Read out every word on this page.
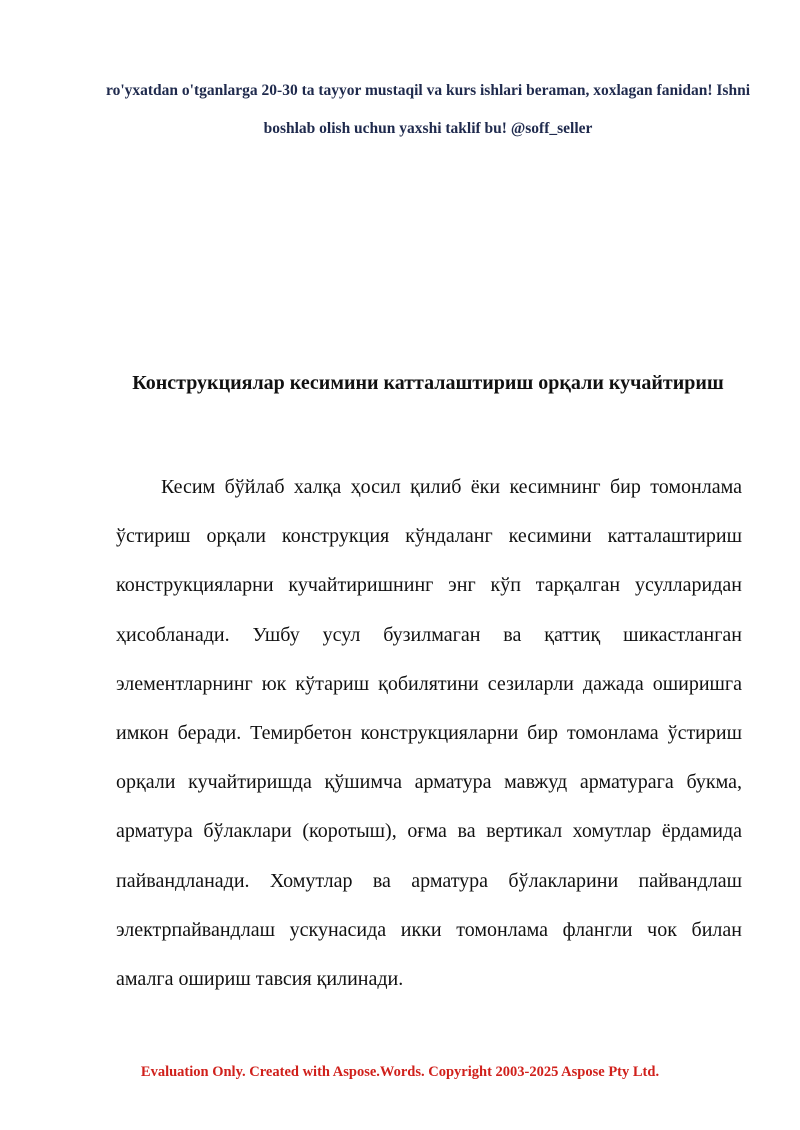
ro'yxatdan o'tganlarga 20-30 ta tayyor mustaqil va kurs ishlari beraman, xoxlagan fanidan! Ishni boshlab olish uchun yaxshi taklif bu! @soff_seller
Конструкциялар кесимини катталаштириш орқали кучайтириш

Кесим бўйлаб халқа ҳосил қилиб ёки кесимнинг бир томонлама ўстириш орқали конструкция кўндаланг кесимини катталаштириш конструкцияларни кучайтиришнинг энг кўп тарқалган усулларидан ҳисобланади. Ушбу усул бузилмаган ва қаттиқ шикастланган элементларнинг юк кўтариш қобилятини сезиларли дажада оширишга имкон беради. Темирбетон конструкцияларни бир томонлама ўстириш орқали кучайтиришда қўшимча арматура мавжуд арматурага букма, арматура бўлаклари (коротыш), оғма ва вертикал хомутлар ёрдамида пайвандланади. Хомутлар ва арматура бўлакларини пайвандлаш электрпайвандлаш ускунасида икки томонлама флангли чок билан амалга ошириш тавсия қилинади.

Evaluation Only. Created with Aspose.Words. Copyright 2003-2025 Aspose Pty Ltd.
